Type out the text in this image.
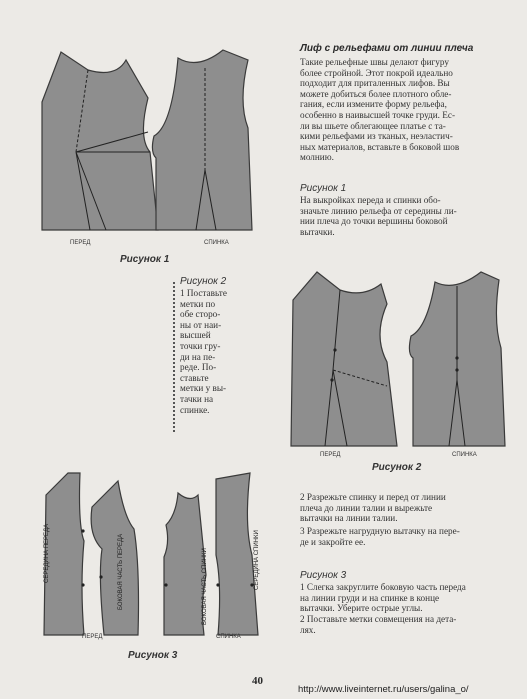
ПЕРЕД	СПИНКА
Рисунок 1
Лиф с рельефами от линии плеча
Такие рельефные швы делают фигуру
более стройной. Этот покрой идеально
подходит для приталенных лифов. Вы
можете добиться более плотного обле-
гания, если измените форму рельефа,
особенно в наивысшей точке груди. Ес-
ли вы шьете облегающее платье с та-
кими рельефами из тканых, неэластич-
ных материалов, вставьте в боковой шов
молнию.
Рисунок 1
На выкройках переда и спинки обо-
значьте линию рельефа от середины ли-
нии плеча до точки вершины боковой
вытачки.
Рисунок 2
1 Поставьте
метки по
обе сторо-
ны от наи-
высшей
точки гру-
ди на пе-
реде. По-
ставьте
метки у вы-
тачки на
спинке.
ПЕРЕД	СПИНКА
Рисунок 2
2 Разрежьте спинку и перед от линии
плеча до линии талии и вырежьте
вытачки на линии талии.
3 Разрежьте нагрудную вытачку на пере-
де и закройте ее.
СЕРЕДИНА ПЕРЕДА	БОКОВАЯ ЧАСТЬ ПЕРЕДА	БОКОВАЯ ЧАСТЬ СПИНКИ	СЕРЕДИНА СПИНКИ
ПЕРЕД	СПИНКА
Рисунок 3
Рисунок 3
1 Слегка закруглите боковую часть переда
на линии груди и на спинке в конце
вытачки. Уберите острые углы.
2 Поставьте метки совмещения на дета-
лях.
40
http://www.liveinternet.ru/users/galina_o/
